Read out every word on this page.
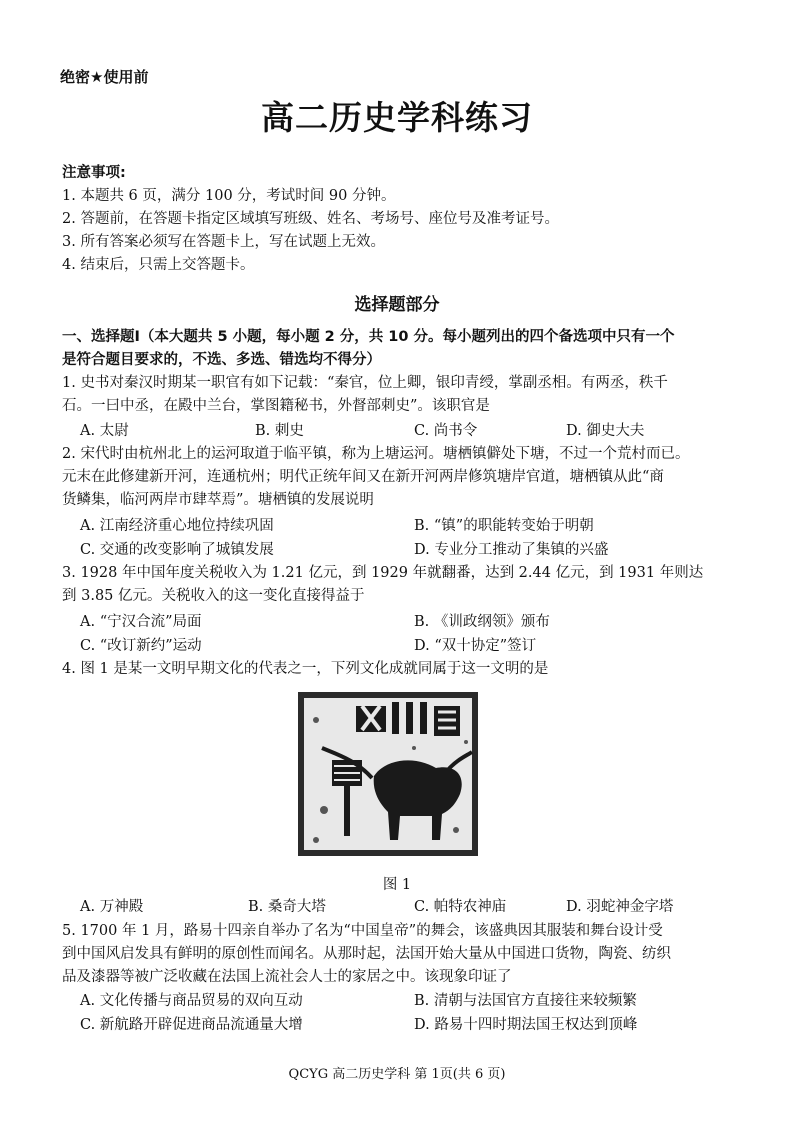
绝密★使用前
高二历史学科练习
注意事项:
1. 本题共 6 页，满分 100 分，考试时间 90 分钟。
2. 答题前，在答题卡指定区域填写班级、姓名、考场号、座位号及准考证号。
3. 所有答案必须写在答题卡上，写在试题上无效。
4. 结束后，只需上交答题卡。
选择题部分
一、选择题Ⅰ（本大题共 5 小题，每小题 2 分，共 10 分。每小题列出的四个备选项中只有一个
是符合题目要求的，不选、多选、错选均不得分）
1. 史书对秦汉时期某一职官有如下记载：“秦官，位上卿，银印青绶，掌副丞相。有两丞，秩千
石。一曰中丞，在殿中兰台，掌图籍秘书，外督部刺史”。该职官是
A. 太尉	B. 刺史	C. 尚书令	D. 御史大夫
2. 宋代时由杭州北上的运河取道于临平镇，称为上塘运河。塘栖镇僻处下塘，不过一个荒村而已。
元末在此修建新开河，连通杭州；明代正统年间又在新开河两岸修筑塘岸官道，塘栖镇从此“商
货鳞集，临河两岸市肆萃焉”。塘栖镇的发展说明
A. 江南经济重心地位持续巩固	B. “镇”的职能转变始于明朝
C. 交通的改变影响了城镇发展	D. 专业分工推动了集镇的兴盛
3. 1928 年中国年度关税收入为 1.21 亿元，到 1929 年就翻番，达到 2.44 亿元，到 1931 年则达
到 3.85 亿元。关税收入的这一变化直接得益于
A. “宁汉合流”局面	B. 《训政纲领》颁布
C. “改订新约”运动	D. “双十协定”签订
4. 图 1 是某一文明早期文化的代表之一，下列文化成就同属于这一文明的是
图 1
A. 万神殿	B. 桑奇大塔	C. 帕特农神庙	D. 羽蛇神金字塔
5. 1700 年 1 月，路易十四亲自举办了名为“中国皇帝”的舞会，该盛典因其服装和舞台设计受
到中国风启发具有鲜明的原创性而闻名。从那时起，法国开始大量从中国进口货物，陶瓷、纺织
品及漆器等被广泛收藏在法国上流社会人士的家居之中。该现象印证了
A. 文化传播与商品贸易的双向互动	B. 清朝与法国官方直接往来较频繁
C. 新航路开辟促进商品流通量大增	D. 路易十四时期法国王权达到顶峰
QCYG 高二历史学科 第 1页(共 6 页)
